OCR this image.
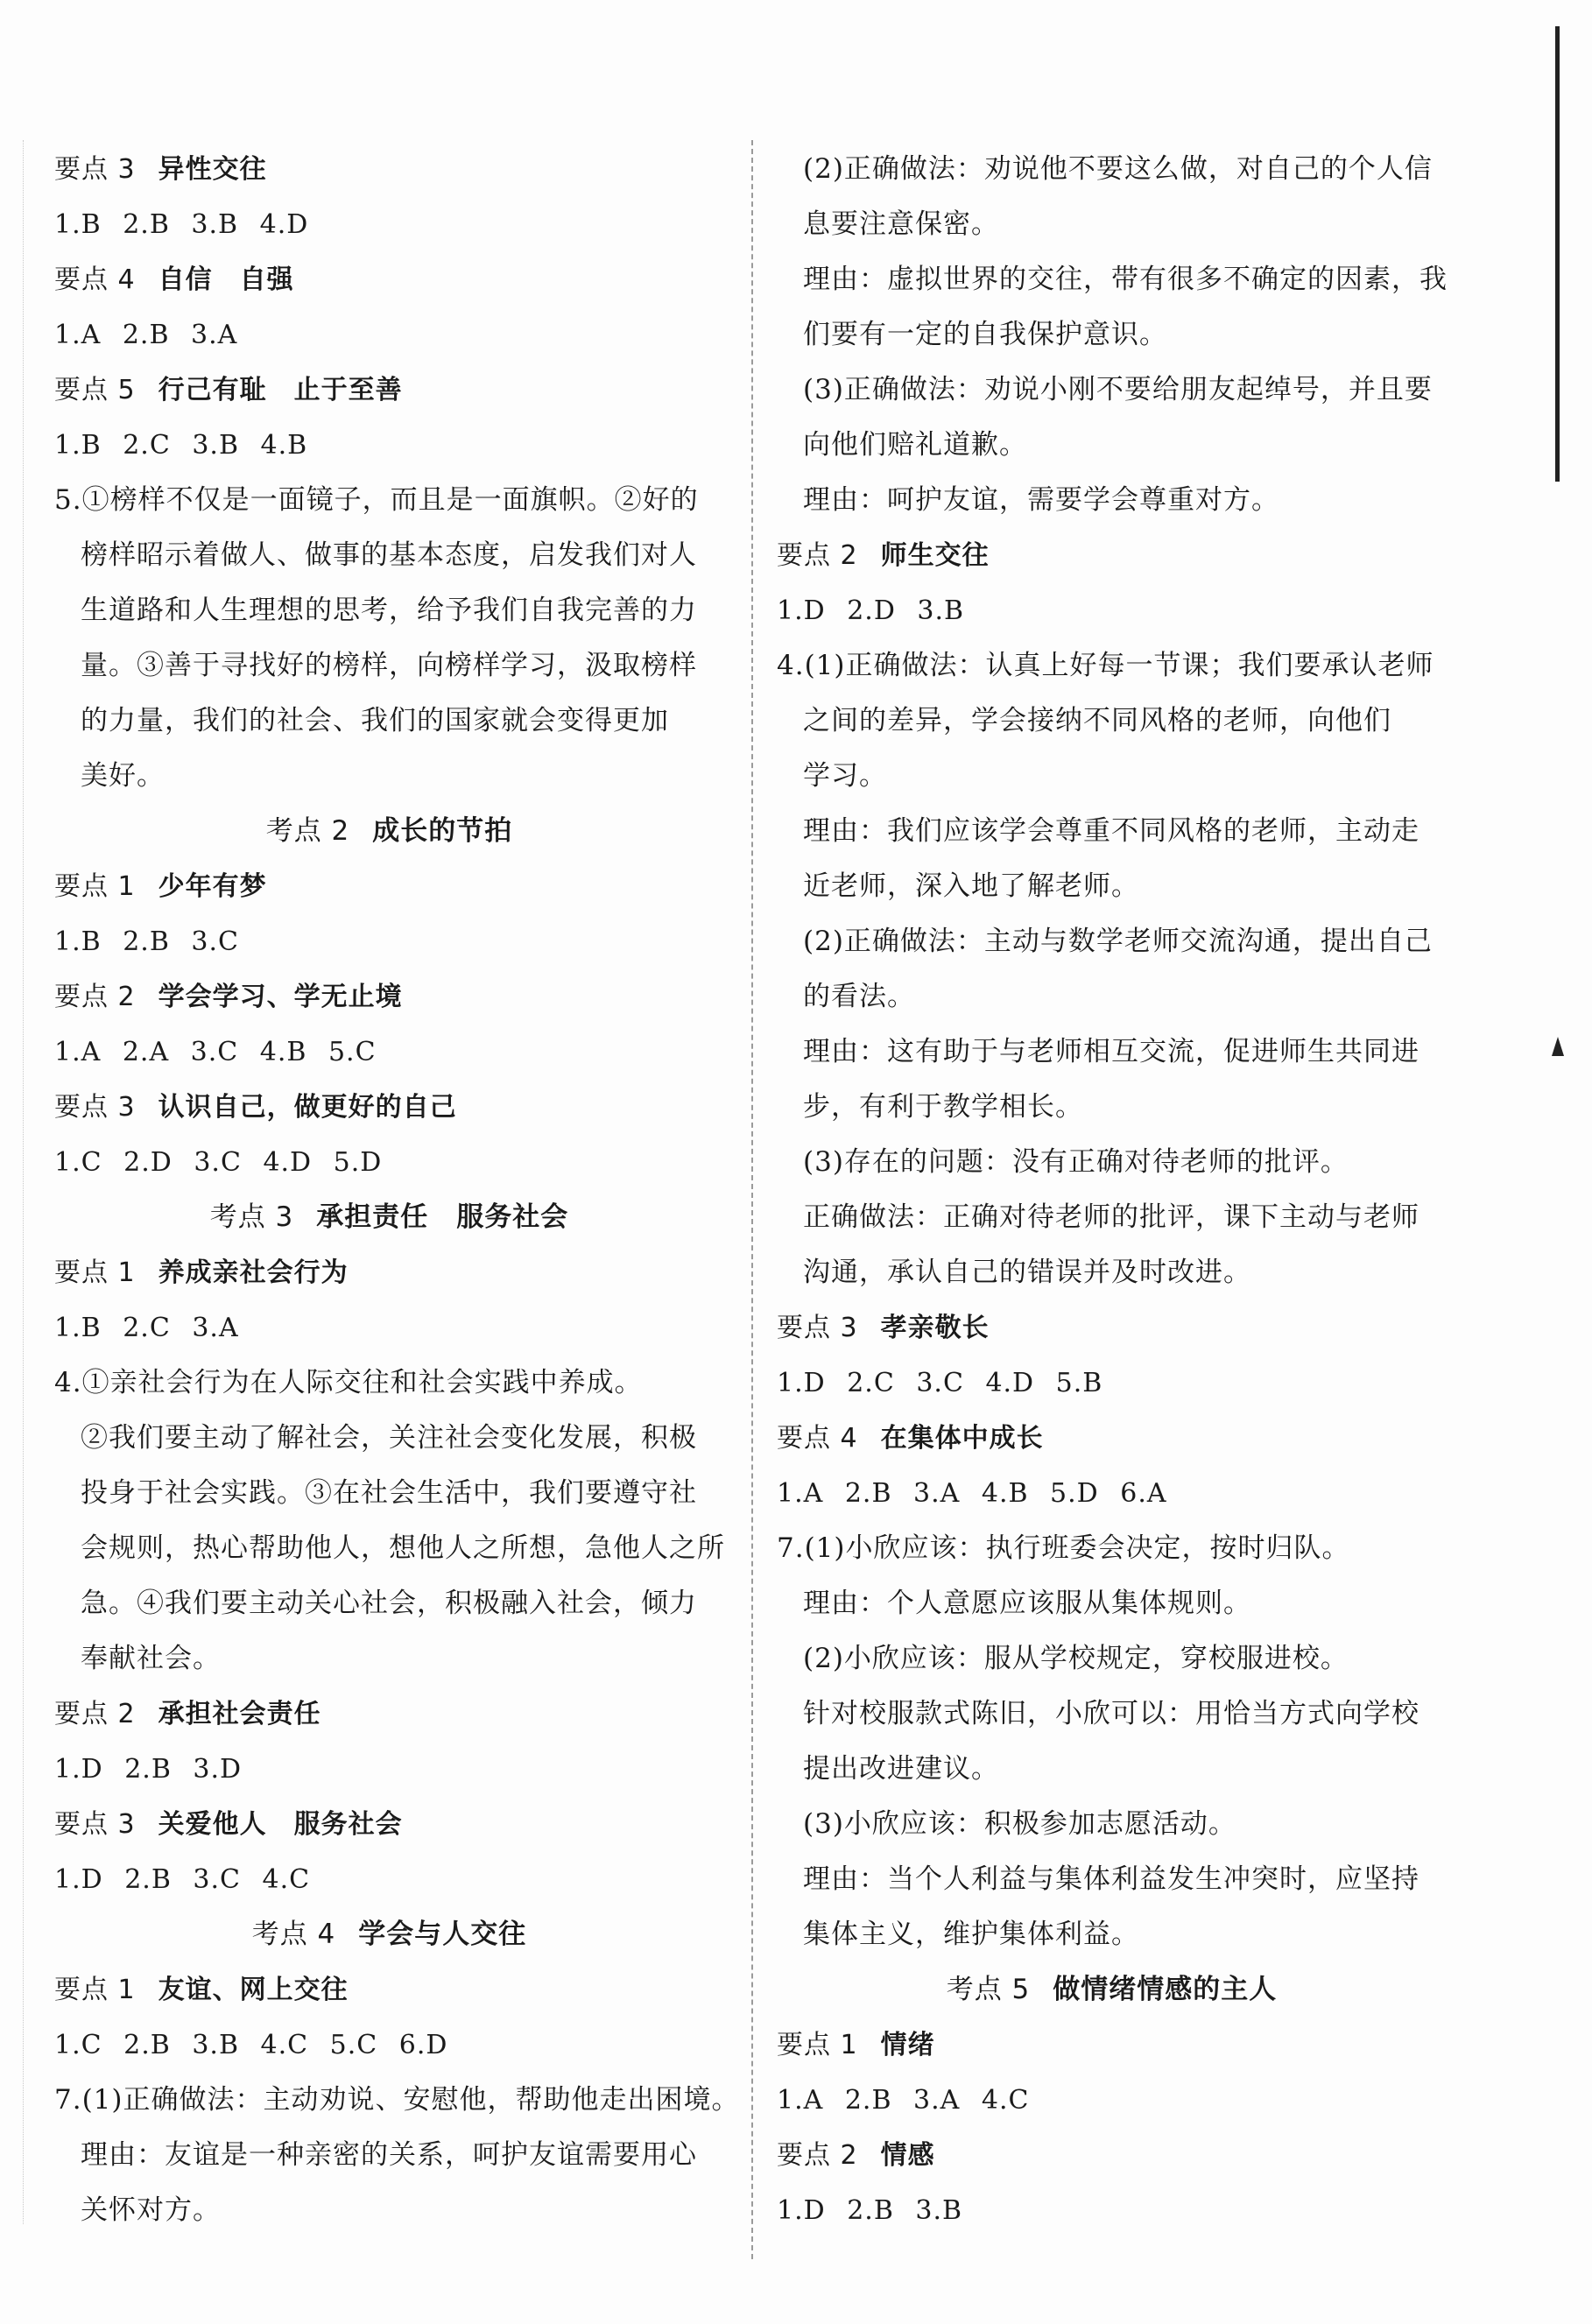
要点 3 异性交往
1.B 2.B 3.B 4.D
要点 4 自信　自强
1.A 2.B 3.A
要点 5 行己有耻　止于至善
1.B 2.C 3.B 4.B
5.①榜样不仅是一面镜子，而且是一面旗帜。②好的
榜样昭示着做人、做事的基本态度，启发我们对人
生道路和人生理想的思考，给予我们自我完善的力
量。③善于寻找好的榜样，向榜样学习，汲取榜样
的力量，我们的社会、我们的国家就会变得更加
美好。
考点 2 成长的节拍
要点 1 少年有梦
1.B 2.B 3.C
要点 2 学会学习、学无止境
1.A 2.A 3.C 4.B 5.C
要点 3 认识自己，做更好的自己
1.C 2.D 3.C 4.D 5.D
考点 3 承担责任　服务社会
要点 1 养成亲社会行为
1.B 2.C 3.A
4.①亲社会行为在人际交往和社会实践中养成。
②我们要主动了解社会，关注社会变化发展，积极
投身于社会实践。③在社会生活中，我们要遵守社
会规则，热心帮助他人，想他人之所想，急他人之所
急。④我们要主动关心社会，积极融入社会，倾力
奉献社会。
要点 2 承担社会责任
1.D 2.B 3.D
要点 3 关爱他人　服务社会
1.D 2.B 3.C 4.C
考点 4 学会与人交往
要点 1 友谊、网上交往
1.C 2.B 3.B 4.C 5.C 6.D
7.(1)正确做法：主动劝说、安慰他，帮助他走出困境。
理由：友谊是一种亲密的关系，呵护友谊需要用心
关怀对方。
(2)正确做法：劝说他不要这么做，对自己的个人信
息要注意保密。
理由：虚拟世界的交往，带有很多不确定的因素，我
们要有一定的自我保护意识。
(3)正确做法：劝说小刚不要给朋友起绰号，并且要
向他们赔礼道歉。
理由：呵护友谊，需要学会尊重对方。
要点 2 师生交往
1.D 2.D 3.B
4.(1)正确做法：认真上好每一节课；我们要承认老师
之间的差异，学会接纳不同风格的老师，向他们
学习。
理由：我们应该学会尊重不同风格的老师，主动走
近老师，深入地了解老师。
(2)正确做法：主动与数学老师交流沟通，提出自己
的看法。
理由：这有助于与老师相互交流，促进师生共同进
步，有利于教学相长。
(3)存在的问题：没有正确对待老师的批评。
正确做法：正确对待老师的批评，课下主动与老师
沟通，承认自己的错误并及时改进。
要点 3 孝亲敬长
1.D 2.C 3.C 4.D 5.B
要点 4 在集体中成长
1.A 2.B 3.A 4.B 5.D 6.A
7.(1)小欣应该：执行班委会决定，按时归队。
理由：个人意愿应该服从集体规则。
(2)小欣应该：服从学校规定，穿校服进校。
针对校服款式陈旧，小欣可以：用恰当方式向学校
提出改进建议。
(3)小欣应该：积极参加志愿活动。
理由：当个人利益与集体利益发生冲突时，应坚持
集体主义，维护集体利益。
考点 5 做情绪情感的主人
要点 1 情绪
1.A 2.B 3.A 4.C
要点 2 情感
1.D 2.B 3.B
